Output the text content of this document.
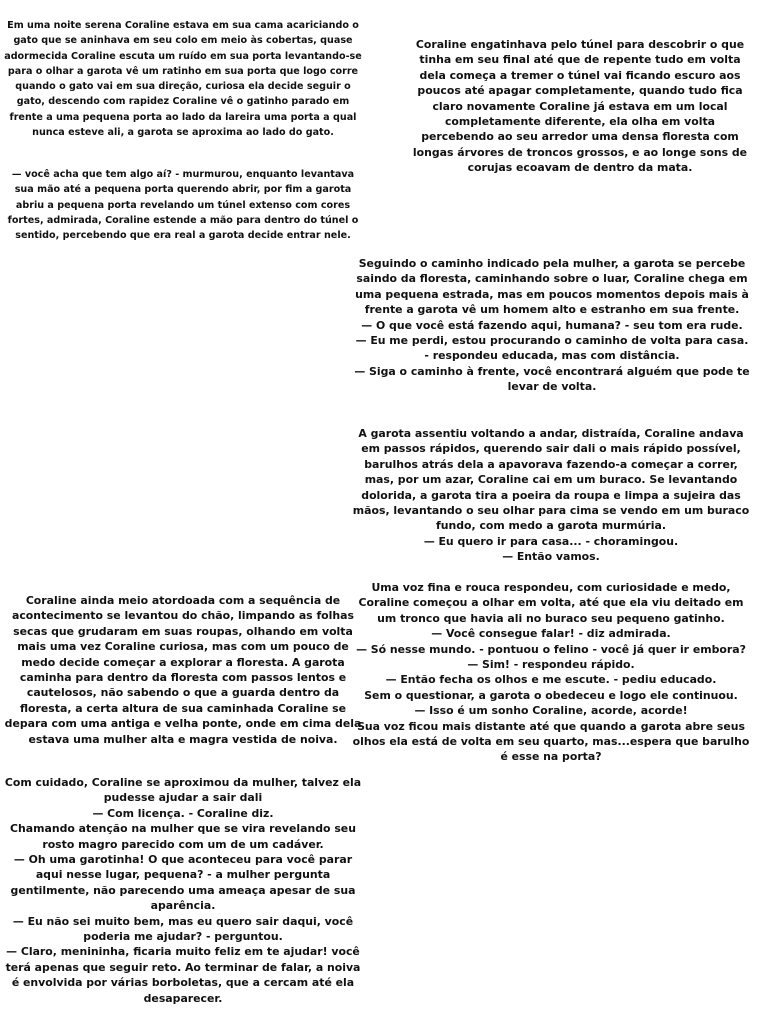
Em uma noite serena Coraline estava em sua cama acariciando o gato que se aninhava em seu colo em meio às cobertas, quase adormecida Coraline escuta um ruído em sua porta levantando-se para o olhar a garota vê um ratinho em sua porta que logo corre quando o gato vai em sua direção, curiosa ela decide seguir o gato, descendo com rapidez Coraline vê o gatinho parado em frente a uma pequena porta ao lado da lareira uma porta a qual nunca esteve ali, a garota se aproxima ao lado do gato.

— você acha que tem algo aí? - murmurou, enquanto levantava sua mão até a pequena porta querendo abrir, por fim a garota abriu a pequena porta revelando um túnel extenso com cores fortes, admirada, Coraline estende a mão para dentro do túnel o sentido, percebendo que era real a garota decide entrar nele.

Coraline ainda meio atordoada com a sequência de acontecimento se levantou do chão, limpando as folhas secas que grudaram em suas roupas, olhando em volta mais uma vez Coraline curiosa, mas com um pouco de medo decide começar a explorar a floresta. A garota caminha para dentro da floresta com passos lentos e cautelosos, não sabendo o que a guarda dentro da floresta, a certa altura de sua caminhada Coraline se depara com uma antiga e velha ponte, onde em cima dela estava uma mulher alta e magra vestida de noiva.

Com cuidado, Coraline se aproximou da mulher, talvez ela pudesse ajudar a sair dali
— Com licença. - Coraline diz.
Chamando atenção na mulher que se vira revelando seu rosto magro parecido com um de um cadáver.
— Oh uma garotinha! O que aconteceu para você parar aqui nesse lugar, pequena? - a mulher pergunta gentilmente, não parecendo uma ameaça apesar de sua aparência.
— Eu não sei muito bem, mas eu quero sair daqui, você poderia me ajudar? - perguntou.
— Claro, menininha, ficaria muito feliz em te ajudar! você terá apenas que seguir reto. Ao terminar de falar, a noiva é envolvida por várias borboletas, que a cercam até ela desaparecer.

Coraline engatinhava pelo túnel para descobrir o que tinha em seu final até que de repente tudo em volta dela começa a tremer o túnel vai ficando escuro aos poucos até apagar completamente, quando tudo fica claro novamente Coraline já estava em um local completamente diferente, ela olha em volta percebendo ao seu arredor uma densa floresta com longas árvores de troncos grossos, e ao longe sons de corujas ecoavam de dentro da mata.

Seguindo o caminho indicado pela mulher, a garota se percebe saindo da floresta, caminhando sobre o luar, Coraline chega em uma pequena estrada, mas em poucos momentos depois mais à frente a garota vê um homem alto e estranho em sua frente.
— O que você está fazendo aqui, humana? - seu tom era rude.
— Eu me perdi, estou procurando o caminho de volta para casa. - respondeu educada, mas com distância.
— Siga o caminho à frente, você encontrará alguém que pode te levar de volta.

A garota assentiu voltando a andar, distraída, Coraline andava em passos rápidos, querendo sair dali o mais rápido possível, barulhos atrás dela a apavorava fazendo-a começar a correr, mas, por um azar, Coraline cai em um buraco. Se levantando dolorida, a garota tira a poeira da roupa e limpa a sujeira das mãos, levantando o seu olhar para cima se vendo em um buraco fundo, com medo a garota murmúria.
— Eu quero ir para casa... - choramingou.
— Então vamos.

Uma voz fina e rouca respondeu, com curiosidade e medo, Coraline começou a olhar em volta, até que ela viu deitado em um tronco que havia ali no buraco seu pequeno gatinho.
— Você consegue falar! - diz admirada.
— Só nesse mundo. - pontuou o felino - você já quer ir embora?
— Sim! - respondeu rápido.
— Então fecha os olhos e me escute. - pediu educado.
Sem o questionar, a garota o obedeceu e logo ele continuou.
— Isso é um sonho Coraline, acorde, acorde!
Sua voz ficou mais distante até que quando a garota abre seus olhos ela está de volta em seu quarto, mas...espera que barulho é esse na porta?
